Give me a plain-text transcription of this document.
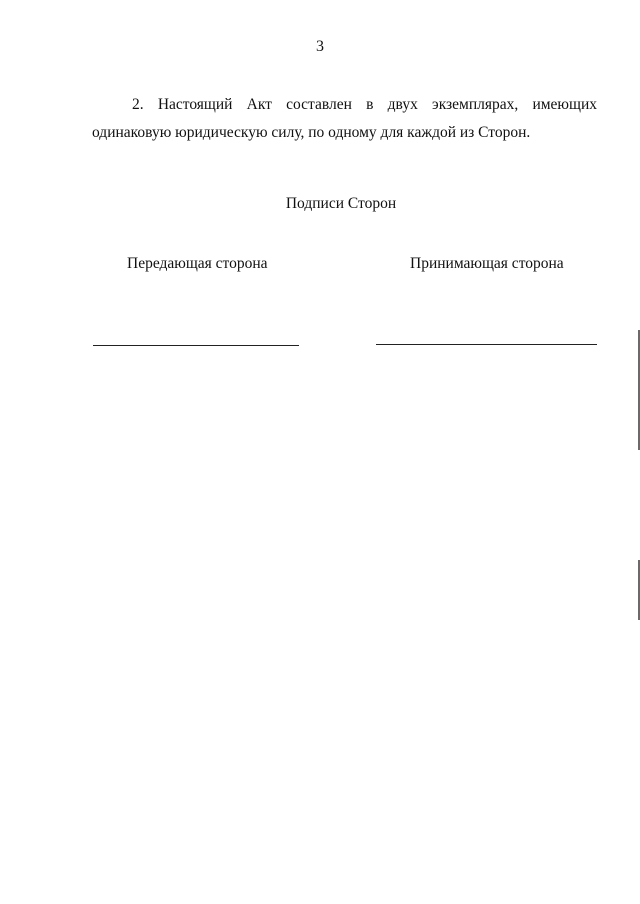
3

2. Настоящий Акт составлен в двух экземплярах, имеющих одинаковую юридическую силу, по одному для каждой из Сторон.

Подписи Сторон
Передающая сторона	Принимающая сторона
